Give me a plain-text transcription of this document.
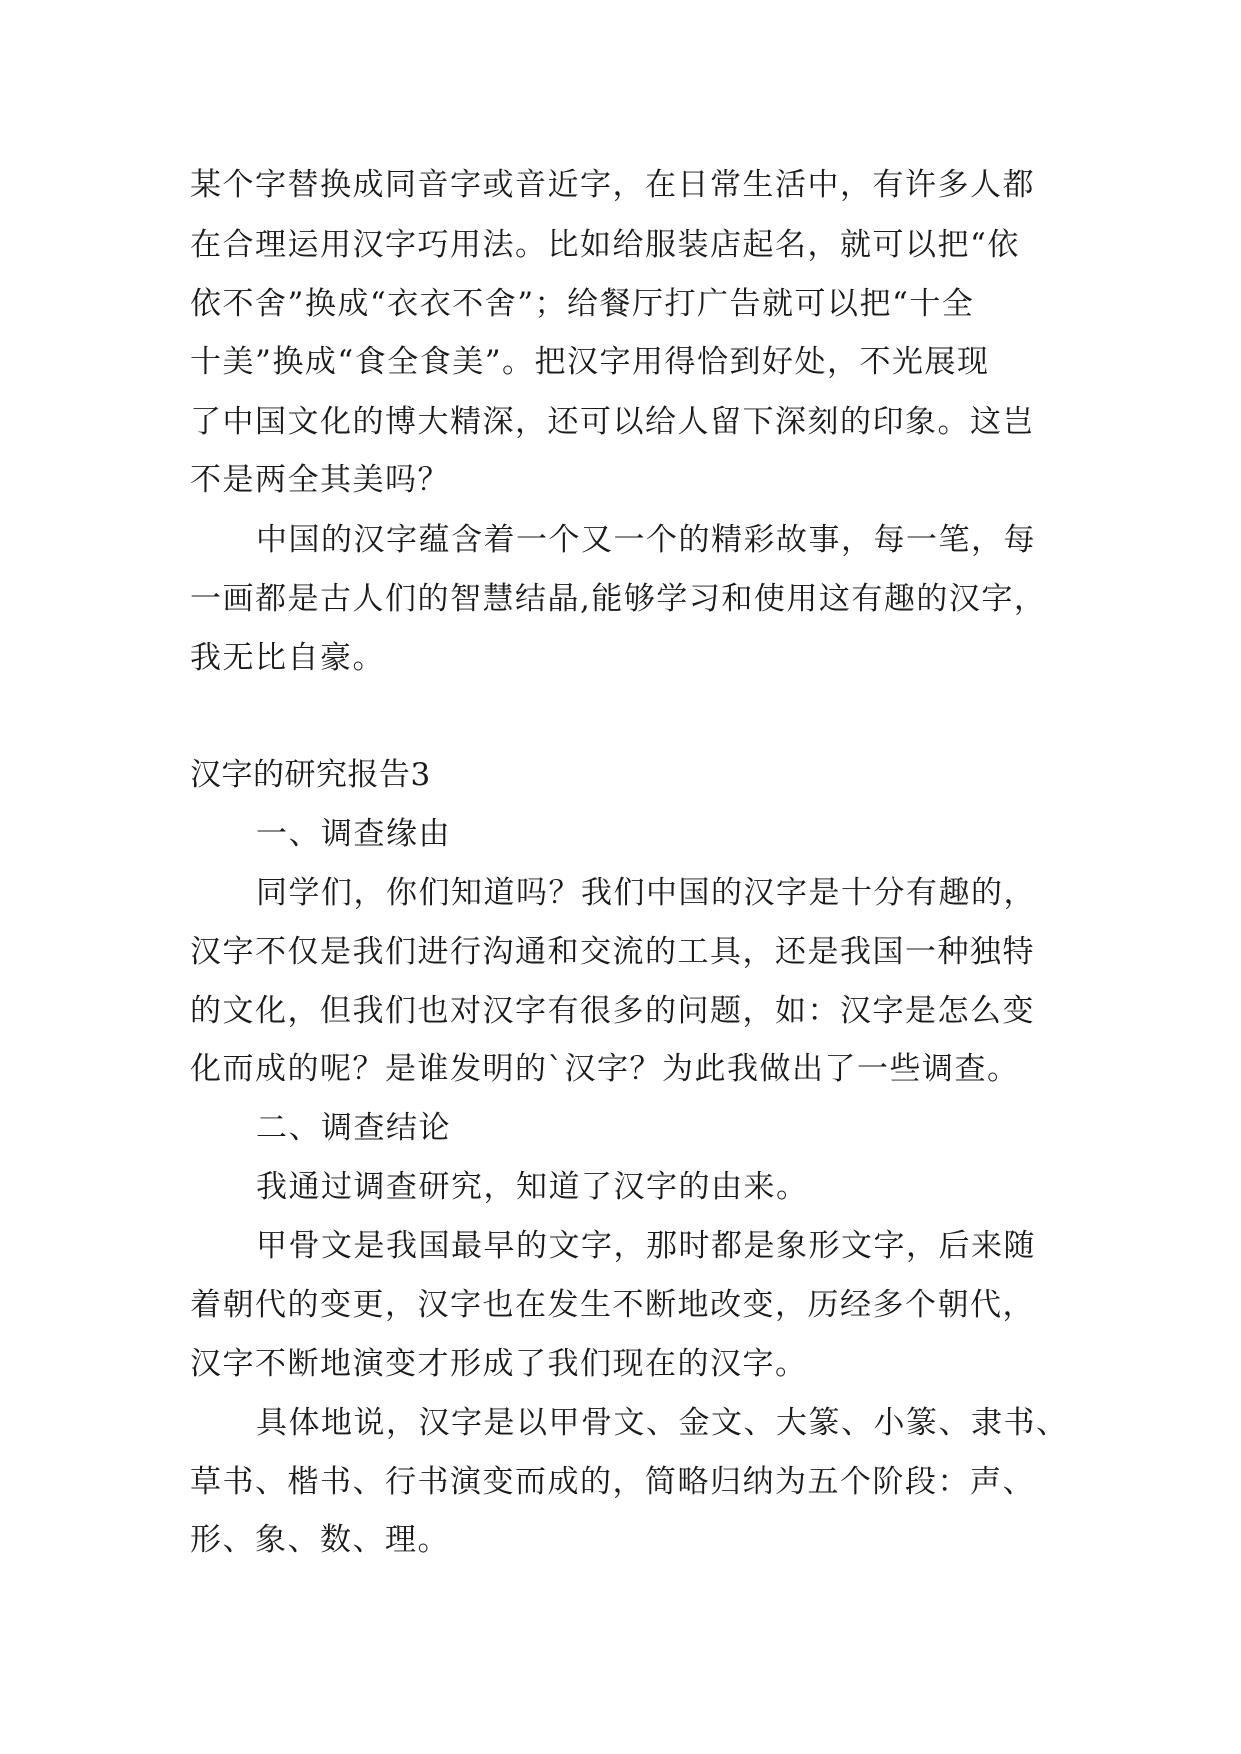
某个字替换成同音字或音近字，在日常生活中，有许多人都
在合理运用汉字巧用法。比如给服装店起名，就可以把“依
依不舍”换成“衣衣不舍”；给餐厅打广告就可以把“十全
十美”换成“食全食美”。把汉字用得恰到好处，不光展现
了中国文化的博大精深，还可以给人留下深刻的印象。这岂
不是两全其美吗？
中国的汉字蕴含着一个又一个的精彩故事，每一笔，每
一画都是古人们的智慧结晶,能够学习和使用这有趣的汉字，
我无比自豪。
汉字的研究报告3
一、调查缘由
同学们，你们知道吗？我们中国的汉字是十分有趣的，
汉字不仅是我们进行沟通和交流的工具，还是我国一种独特
的文化，但我们也对汉字有很多的问题，如：汉字是怎么变
化而成的呢？是谁发明的`汉字？为此我做出了一些调查。
二、调查结论
我通过调查研究，知道了汉字的由来。
甲骨文是我国最早的文字，那时都是象形文字，后来随
着朝代的变更，汉字也在发生不断地改变，历经多个朝代，
汉字不断地演变才形成了我们现在的汉字。
具体地说，汉字是以甲骨文、金文、大篆、小篆、隶书、
草书、楷书、行书演变而成的，简略归纳为五个阶段：声、
形、象、数、理。
